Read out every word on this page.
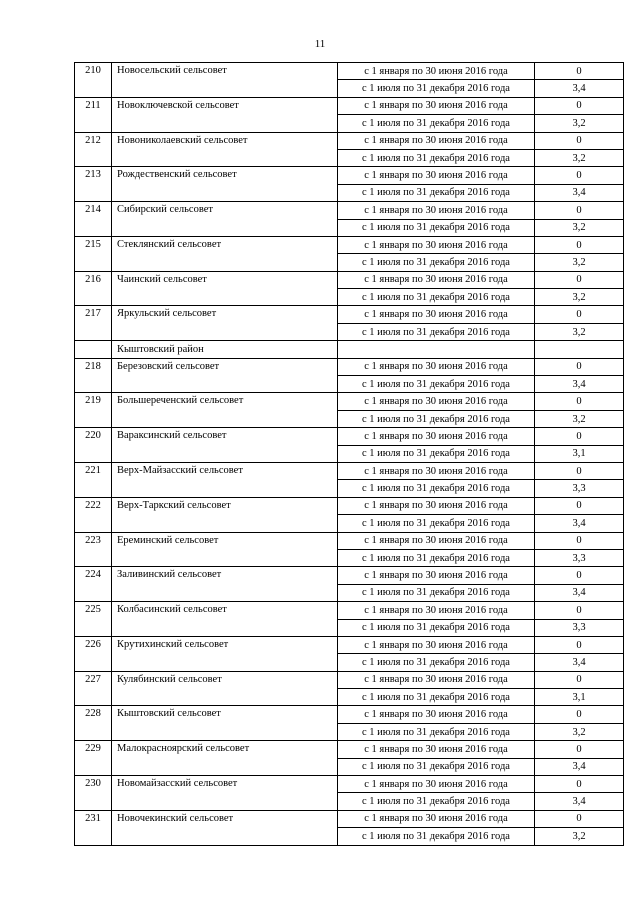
11
210	Новосельский сельсовет	с 1 января по 30 июня 2016 года	0
		с 1 июля по 31 декабря 2016 года	3,4
211	Новоключевской сельсовет	с 1 января по 30 июня 2016 года	0
		с 1 июля по 31 декабря 2016 года	3,2
212	Новониколаевский сельсовет	с 1 января по 30 июня 2016 года	0
		с 1 июля по 31 декабря 2016 года	3,2
213	Рождественский сельсовет	с 1 января по 30 июня 2016 года	0
		с 1 июля по 31 декабря 2016 года	3,4
214	Сибирский сельсовет	с 1 января по 30 июня 2016 года	0
		с 1 июля по 31 декабря 2016 года	3,2
215	Стеклянский сельсовет	с 1 января по 30 июня 2016 года	0
		с 1 июля по 31 декабря 2016 года	3,2
216	Чаинский сельсовет	с 1 января по 30 июня 2016 года	0
		с 1 июля по 31 декабря 2016 года	3,2
217	Яркульский сельсовет	с 1 января по 30 июня 2016 года	0
		с 1 июля по 31 декабря 2016 года	3,2
	Кыштовский район		
218	Березовский сельсовет	с 1 января по 30 июня 2016 года	0
		с 1 июля по 31 декабря 2016 года	3,4
219	Большереченский сельсовет	с 1 января по 30 июня 2016 года	0
		с 1 июля по 31 декабря 2016 года	3,2
220	Вараксинский сельсовет	с 1 января по 30 июня 2016 года	0
		с 1 июля по 31 декабря 2016 года	3,1
221	Верх-Майзасский сельсовет	с 1 января по 30 июня 2016 года	0
		с 1 июля по 31 декабря 2016 года	3,3
222	Верх-Таркский сельсовет	с 1 января по 30 июня 2016 года	0
		с 1 июля по 31 декабря 2016 года	3,4
223	Ереминский сельсовет	с 1 января по 30 июня 2016 года	0
		с 1 июля по 31 декабря 2016 года	3,3
224	Заливинский сельсовет	с 1 января по 30 июня 2016 года	0
		с 1 июля по 31 декабря 2016 года	3,4
225	Колбасинский сельсовет	с 1 января по 30 июня 2016 года	0
		с 1 июля по 31 декабря 2016 года	3,3
226	Крутихинский сельсовет	с 1 января по 30 июня 2016 года	0
		с 1 июля по 31 декабря 2016 года	3,4
227	Кулябинский сельсовет	с 1 января по 30 июня 2016 года	0
		с 1 июля по 31 декабря 2016 года	3,1
228	Кыштовский сельсовет	с 1 января по 30 июня 2016 года	0
		с 1 июля по 31 декабря 2016 года	3,2
229	Малокрасноярский сельсовет	с 1 января по 30 июня 2016 года	0
		с 1 июля по 31 декабря 2016 года	3,4
230	Новомайзасский сельсовет	с 1 января по 30 июня 2016 года	0
		с 1 июля по 31 декабря 2016 года	3,4
231	Новочекинский сельсовет	с 1 января по 30 июня 2016 года	0
		с 1 июля по 31 декабря 2016 года	3,2
